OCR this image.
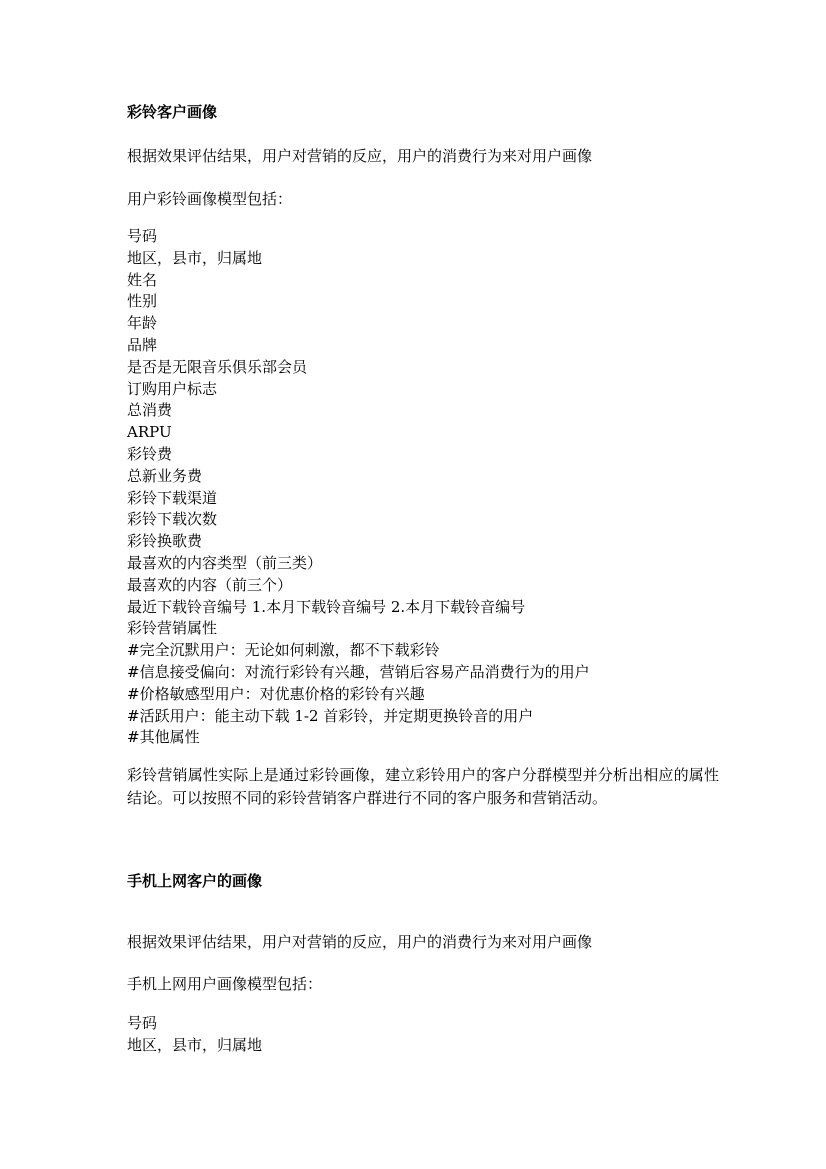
彩铃客户画像
根据效果评估结果，用户对营销的反应，用户的消费行为来对用户画像
用户彩铃画像模型包括：
号码
地区，县市，归属地
姓名
性别
年龄
品牌
是否是无限音乐俱乐部会员
订购用户标志
总消费
ARPU
彩铃费
总新业务费
彩铃下载渠道
彩铃下载次数
彩铃换歌费
最喜欢的内容类型（前三类）
最喜欢的内容（前三个）
最近下载铃音编号 1.本月下载铃音编号 2.本月下载铃音编号
彩铃营销属性
#完全沉默用户：无论如何刺激，都不下载彩铃
#信息接受偏向：对流行彩铃有兴趣，营销后容易产品消费行为的用户
#价格敏感型用户：对优惠价格的彩铃有兴趣
#活跃用户：能主动下载 1-2 首彩铃，并定期更换铃音的用户
#其他属性
彩铃营销属性实际上是通过彩铃画像，建立彩铃用户的客户分群模型并分析出相应的属性结论。可以按照不同的彩铃营销客户群进行不同的客户服务和营销活动。
手机上网客户的画像
根据效果评估结果，用户对营销的反应，用户的消费行为来对用户画像
手机上网用户画像模型包括：
号码
地区，县市，归属地
